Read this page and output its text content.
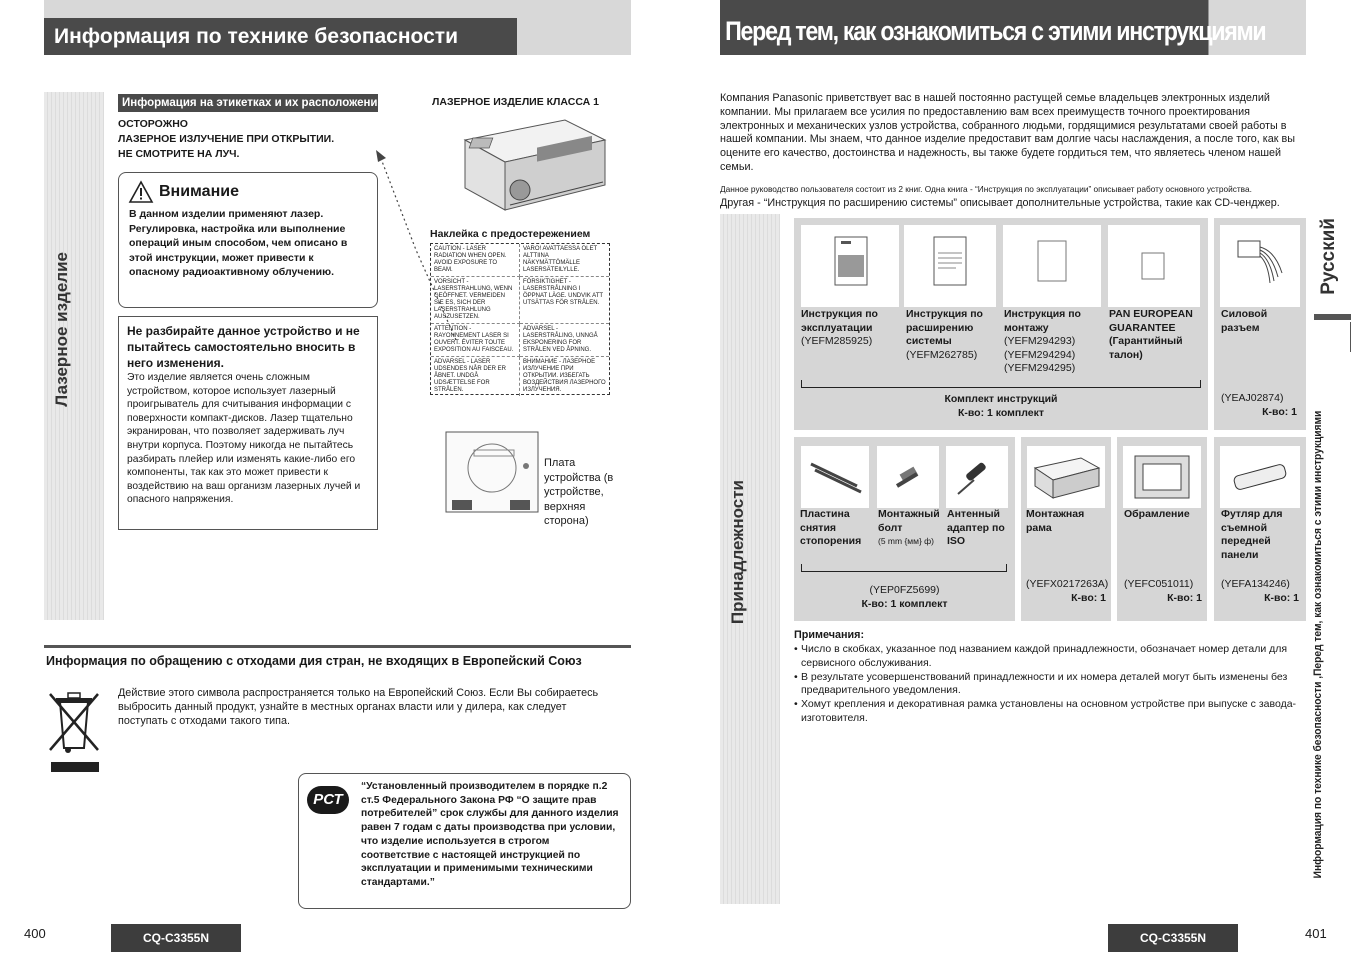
Информация по технике безопасности
Лазерное изделие
Информация на этикетках и их расположение
ОСТОРОЖНО
ЛАЗЕРНОЕ ИЗЛУЧЕНИЕ ПРИ ОТКРЫТИИ.
НЕ СМОТРИТЕ НА ЛУЧ.
ЛАЗЕРНОЕ ИЗДЕЛИЕ КЛАССА 1
Внимание
В данном изделии применяют лазер. Регулировка, настройка или выполнение операций иным способом, чем описано в этой инструкции, может привести к опасному радиоактивному облучению.
Не разбирайте данное устройство и не пытайтесь самостоятельно вносить в него изменения.
Это изделие является очень сложным устройством, которое использует лазерный проигрыватель для считывания информации с поверхности компакт-дисков. Лазер тщательно экранирован, что позволяет задерживать луч внутри корпуса. Поэтому никогда не пытайтесь разбирать плейер или изменять какие-либо его компоненты, так как это может привести к воздействию на ваш организм лазерных лучей и опасного напряжения.
Наклейка с предостережением
CAUTION - LASER RADIATION WHEN OPEN. AVOID EXPOSURE TO BEAM.
VARO! AVATTAESSA OLET ALTTIINA NÄKYMÄTTÖMÄLLE LASERSÄTEILYLLE.
VORSICHT - LASERSTRAHLUNG, WENN GEÖFFNET. VERMEIDEN SIE ES, SICH DER LASERSTRAHLUNG AUSZUSETZEN.
FÖRSIKTIGHET - LASERSTRÅLNING I ÖPPNAT LÄGE. UNDVIK ATT UTSÄTTAS FÖR STRÅLEN.
ATTENTION - RAYONNEMENT LASER SI OUVERT. ÉVITER TOUTE EXPOSITION AU FAISCEAU.
ADVARSEL - LASERSTRÅLING, UNNGÅ EKSPONERING FOR STRÅLEN VED ÅPNING.
ADVARSEL - LASER UDSENDES NÅR DER ER ÅBNET. UNDGÅ UDSÆTTELSE FOR STRÅLEN.
ВНИМАНИЕ - ЛАЗЕРНОЕ ИЗЛУЧЕНИЕ ПРИ ОТКРЫТИИ. ИЗБЕГАТЬ ВОЗДЕЙСТВИЯ ЛАЗЕРНОГО ИЗЛУЧЕНИЯ.
Плата устройства (в устройстве, верхняя сторона)
Информация по обращению с отходами дия стран, не входящих в Европейский Союз
Действие этого символа распространяется только на Европейский Союз. Если Вы собираетесь выбросить данный продукт, узнайте в местных органах власти или у дилера, как следует поступать с отходами такого типа.
РСТ
“Установленный производителем в порядке п.2 ст.5 Федерального Закона РФ “О защите прав потребителей” срок службы для данного изделия равен 7 годам с даты производства при условии, что изделие используется в строгом соответствие с настоящей инструкцией по эксплуатации и применимыми техническими стандартами.”
400	CQ-C3355N
Перед тем, как ознакомиться с этими инструкциями
Компания Panasonic приветствует вас в нашей постоянно растущей семье владельцев электронных изделий компании. Мы прилагаем все усилия по предоставлению вам всех преимуществ точного проектирования электронных и механических узлов устройства, собранного людьми, гордящимися результатами своей работы в нашей компании. Мы знаем, что данное изделие предоставит вам долгие часы наслаждения, а после того, как вы оцените его качество, достоинства и надежность, вы также будете гордиться тем, что являетесь членом нашей семьи.
Данное руководство пользователя состоит из 2 книг. Одна книга - “Инструкция по эксплуатации” описывает работу основного устройства.
Другая - “Инструкция по расширению системы” описывает дополнительные устройства, такие как CD-ченджер.
Принадлежности
Инструкция по эксплуатации
(YEFM285925)
Инструкция по расширению системы
(YEFM262785)
Инструкция по монтажу
(YEFM294293)
(YEFM294294)
(YEFM294295)
PAN EUROPEAN GUARANTEE (Гарантийный талон)
Комплект инструкций
К-во: 1 комплект
Силовой разъем
(YEAJ02874)
К-во: 1
Пластина снятия стопорения
Монтажный болт
(5 mm {мм} ф)
Антенный адаптер по ISO
(YEP0FZ5699)
К-во: 1 комплект
Монтажная рама
(YEFX0217263A)
К-во: 1
Обрамление
(YEFC051011)
К-во: 1
Футляр для съемной передней панели
(YEFA134246)
К-во: 1
Примечания:
• Число в скобках, указанное под названием каждой принадлежности, обозначает номер детали для сервисного обслуживания.
• В результате усовершенствований принадлежности и их номера деталей могут быть изменены без предварительного уведомления.
• Хомут крепления и декоративная рамка установлены на основном устройстве при выпуске с завода-изготовителя.
Русский
Информация по технике безопасности ,Перед тем, как ознакомиться с этими инструкциями
CQ-C3355N	401
